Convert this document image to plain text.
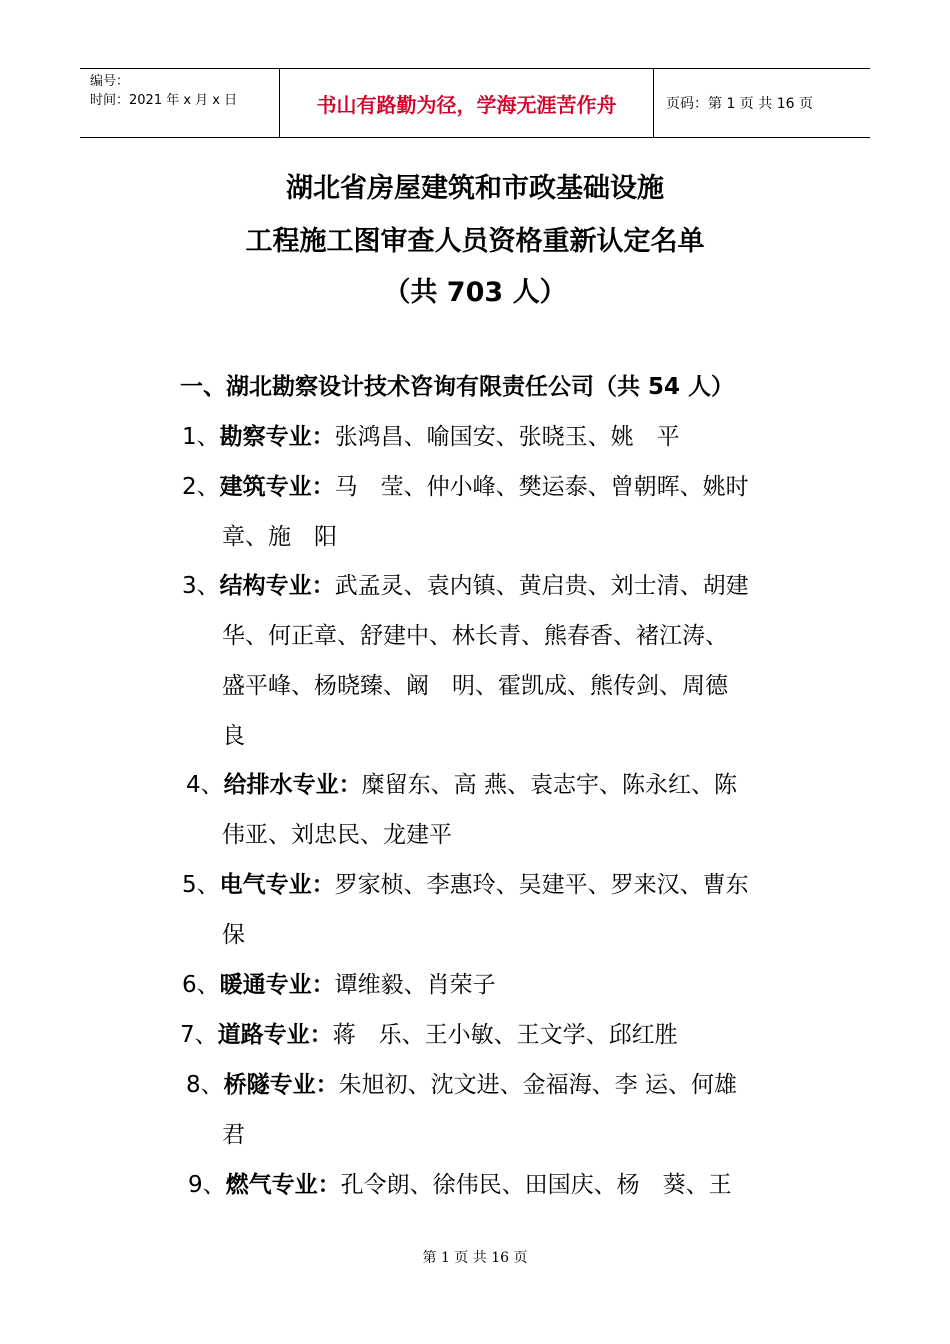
编号：
时间：2021 年 x 月 x 日	书山有路勤为径，学海无涯苦作舟	页码：第 1 页 共 16 页
湖北省房屋建筑和市政基础设施
工程施工图审查人员资格重新认定名单
（共 703 人）
一、湖北勘察设计技术咨询有限责任公司（共 54 人）
1、勘察专业：张鸿昌、喻国安、张晓玉、姚　平
2、建筑专业：马　莹、仲小峰、樊运泰、曾朝晖、姚时
章、施　阳
3、结构专业：武孟灵、袁内镇、黄启贵、刘士清、胡建
华、何正章、舒建中、林长青、熊春香、褚江涛、
盛平峰、杨晓臻、阚　明、霍凯成、熊传剑、周德
良
4、给排水专业：糜留东、高 燕、袁志宇、陈永红、陈
伟亚、刘忠民、龙建平
5、电气专业：罗家桢、李惠玲、吴建平、罗来汉、曹东
保
6、暖通专业：谭维毅、肖荣子
7、道路专业：蒋　乐、王小敏、王文学、邱红胜
8、桥隧专业：朱旭初、沈文进、金福海、李 运、何雄
君
9、燃气专业：孔令朗、徐伟民、田国庆、杨　葵、王
第 1 页 共 16 页
